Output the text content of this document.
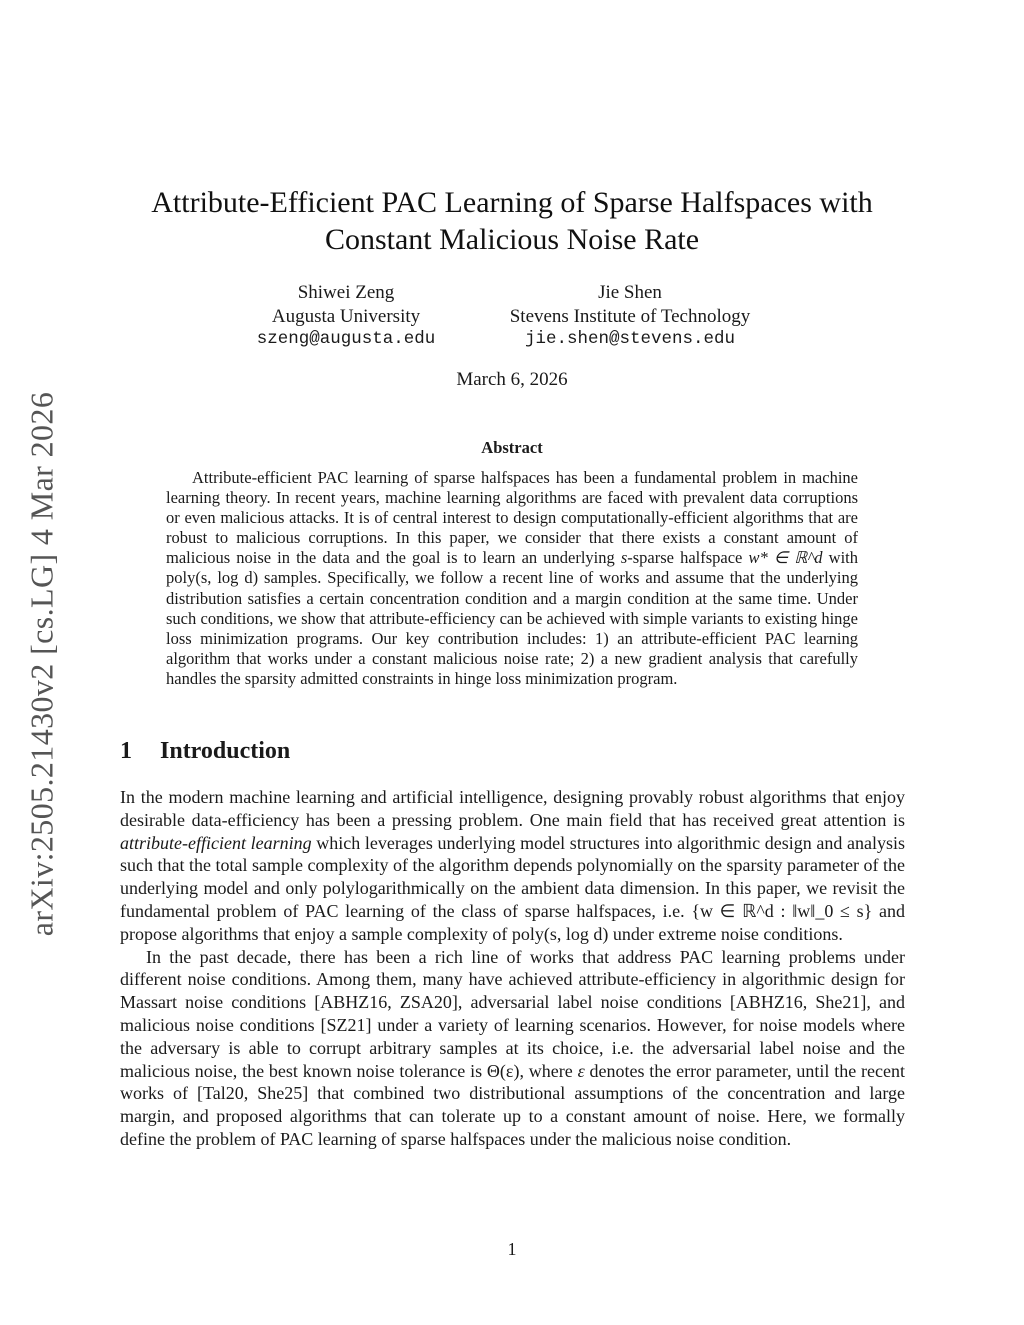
arXiv:2505.21430v2 [cs.LG] 4 Mar 2026
Attribute-Efficient PAC Learning of Sparse Halfspaces with
Constant Malicious Noise Rate
Shiwei Zeng
Augusta University
szeng@augusta.edu
Jie Shen
Stevens Institute of Technology
jie.shen@stevens.edu
March 6, 2026
Abstract

Attribute-efficient PAC learning of sparse halfspaces has been a fundamental problem in machine learning theory. In recent years, machine learning algorithms are faced with prevalent data corruptions or even malicious attacks. It is of central interest to design computationally-efficient algorithms that are robust to malicious corruptions. In this paper, we consider that there exists a constant amount of malicious noise in the data and the goal is to learn an underlying s-sparse halfspace w* ∈ ℝ^d with poly(s, log d) samples. Specifically, we follow a recent line of works and assume that the underlying distribution satisfies a certain concentration condition and a margin condition at the same time. Under such conditions, we show that attribute-efficiency can be achieved with simple variants to existing hinge loss minimization programs. Our key contribution includes: 1) an attribute-efficient PAC learning algorithm that works under a constant malicious noise rate; 2) a new gradient analysis that carefully handles the sparsity admitted constraints in hinge loss minimization program.

1 Introduction

In the modern machine learning and artificial intelligence, designing provably robust algorithms that enjoy desirable data-efficiency has been a pressing problem. One main field that has received great attention is attribute-efficient learning which leverages underlying model structures into algorithmic design and analysis such that the total sample complexity of the algorithm depends polynomially on the sparsity parameter of the underlying model and only polylogarithmically on the ambient data dimension. In this paper, we revisit the fundamental problem of PAC learning of the class of sparse halfspaces, i.e. {w ∈ ℝ^d : ‖w‖_0 ≤ s} and propose algorithms that enjoy a sample complexity of poly(s, log d) under extreme noise conditions.

In the past decade, there has been a rich line of works that address PAC learning problems under different noise conditions. Among them, many have achieved attribute-efficiency in algorithmic design for Massart noise conditions [ABHZ16, ZSA20], adversarial label noise conditions [ABHZ16, She21], and malicious noise conditions [SZ21] under a variety of learning scenarios. However, for noise models where the adversary is able to corrupt arbitrary samples at its choice, i.e. the adversarial label noise and the malicious noise, the best known noise tolerance is Θ(ε), where ε denotes the error parameter, until the recent works of [Tal20, She25] that combined two distributional assumptions of the concentration and large margin, and proposed algorithms that can tolerate up to a constant amount of noise. Here, we formally define the problem of PAC learning of sparse halfspaces under the malicious noise condition.

1
